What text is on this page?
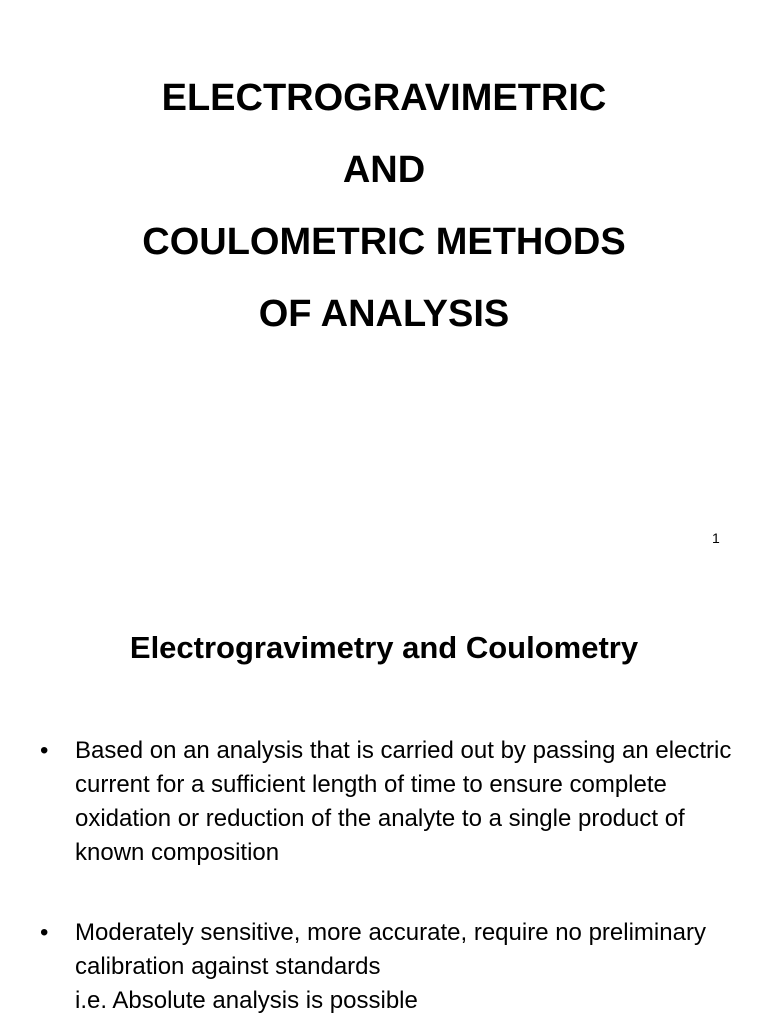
ELECTROGRAVIMETRIC
AND
COULOMETRIC METHODS
OF ANALYSIS
1
Electrogravimetry and Coulometry
•	Based on an analysis that is carried out by passing an electric current for a sufficient length of time to ensure complete oxidation or reduction of the analyte to a single product of known composition
•	Moderately sensitive, more accurate, require no preliminary calibration against standards
i.e. Absolute analysis is possible
